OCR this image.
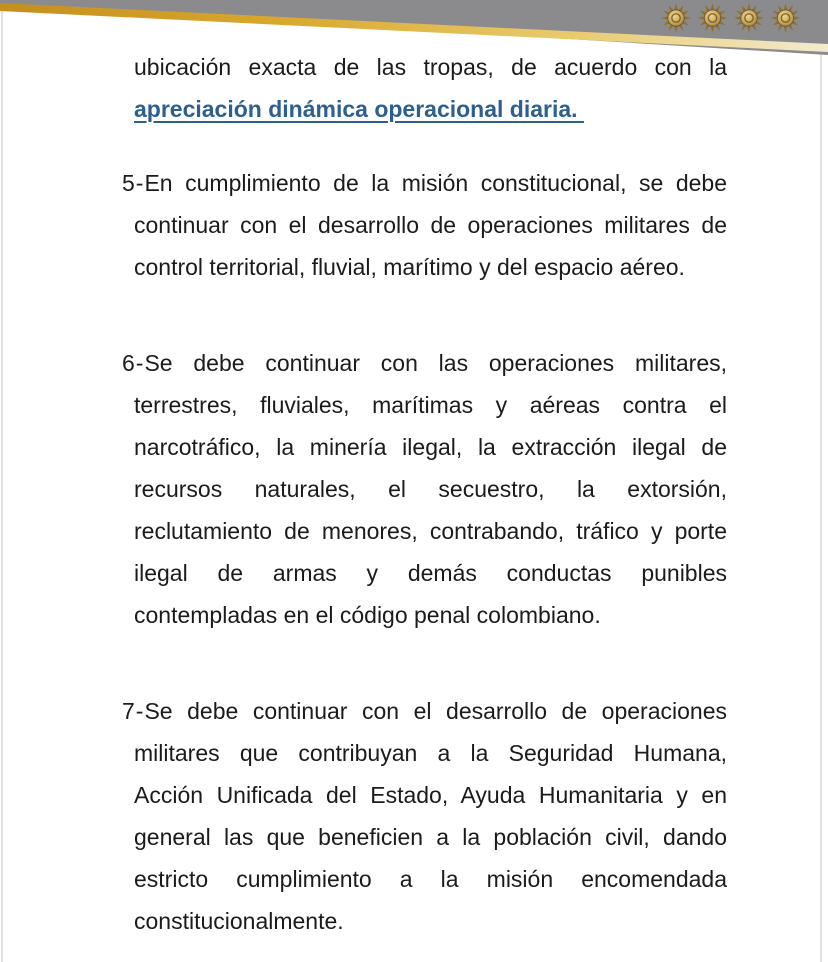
ubicación exacta de las tropas, de acuerdo con la
apreciación dinámica operacional diaria.
5-En cumplimiento de la misión constitucional, se debe
continuar con el desarrollo de operaciones militares de
control territorial, fluvial, marítimo y del espacio aéreo.
6-Se debe continuar con las operaciones militares,
terrestres, fluviales, marítimas y aéreas contra el
narcotráfico, la minería ilegal, la extracción ilegal de
recursos naturales, el secuestro, la extorsión,
reclutamiento de menores, contrabando, tráfico y porte
ilegal de armas y demás conductas punibles
contempladas en el código penal colombiano.
7-Se debe continuar con el desarrollo de operaciones
militares que contribuyan a la Seguridad Humana,
Acción Unificada del Estado, Ayuda Humanitaria y en
general las que beneficien a la población civil, dando
estricto cumplimiento a la misión encomendada
constitucionalmente.
